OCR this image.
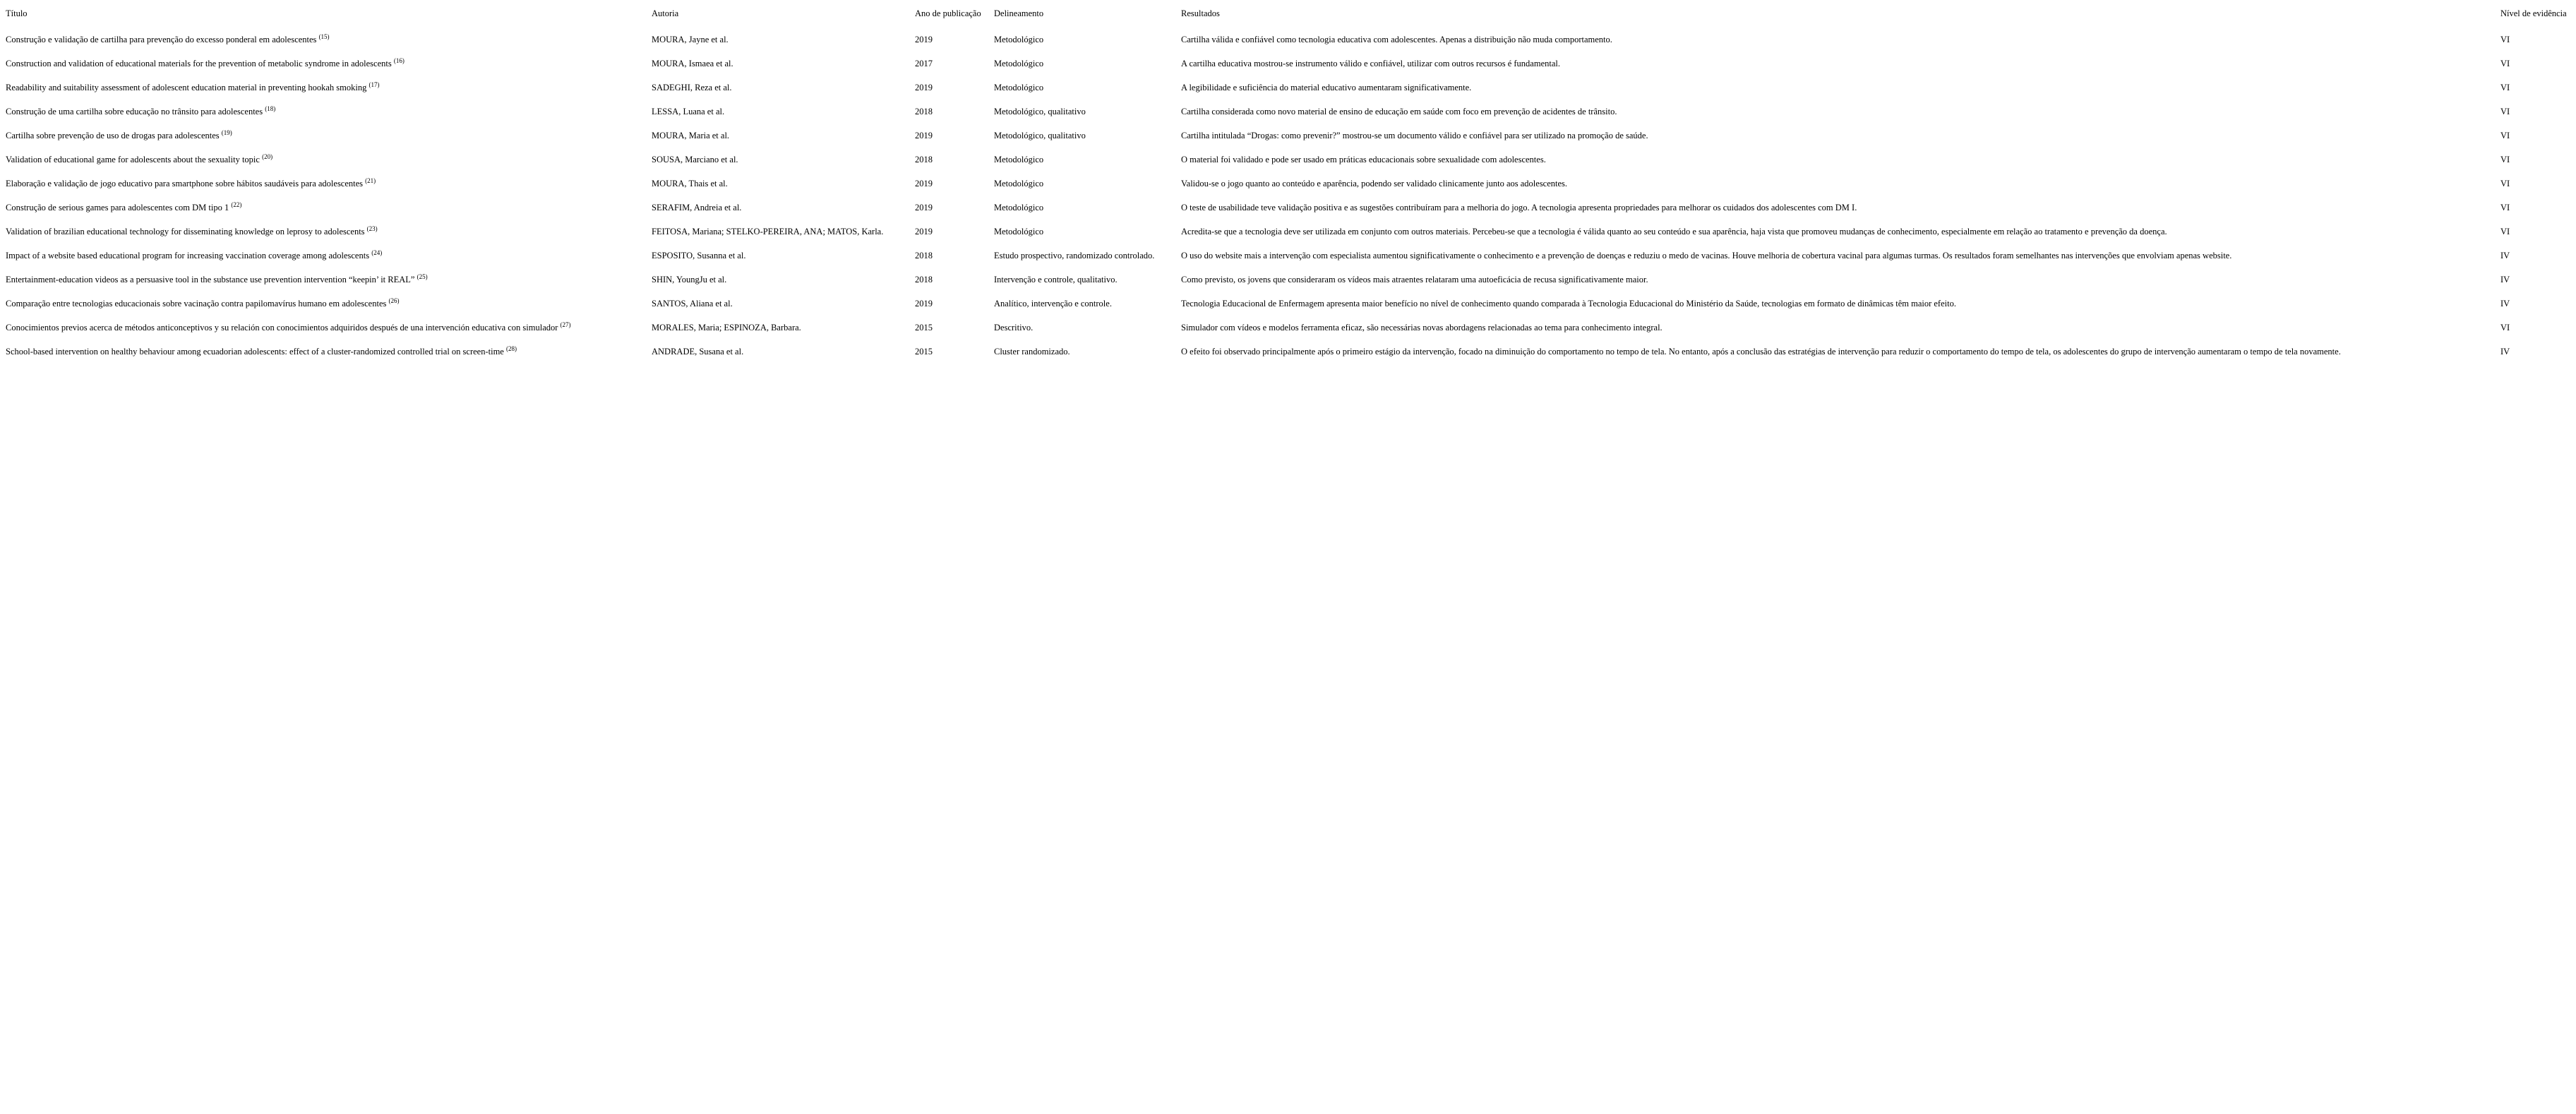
Título	Autoria	Ano de publicação	Delineamento	Resultados	Nível de evidência
Construção e validação de cartilha para prevenção do excesso ponderal em adolescentes $^{(15)}$	MOURA, Jayne et al.	2019	Metodológico	Cartilha válida e confiável como tecnologia educativa com adolescentes. Apenas a distribuição não muda comportamento.	VI
Construction and validation of educational materials for the prevention of metabolic syndrome in adolescents $^{(16)}$	MOURA, Ismaea et al.	2017	Metodológico	A cartilha educativa mostrou-se instrumento válido e confiável, utilizar com outros recursos é fundamental.	VI
Readability and suitability assessment of adolescent education material in preventing hookah smoking $^{(17)}$	SADEGHI, Reza et al.	2019	Metodológico	A legibilidade e suficiência do material educativo aumentaram significativamente.	VI
Construção de uma cartilha sobre educação no trânsito para adolescentes $^{(18)}$	LESSA, Luana et al.	2018	Metodológico, qualitativo	Cartilha considerada como novo material de ensino de educação em saúde com foco em prevenção de acidentes de trânsito.	VI
Cartilha sobre prevenção de uso de drogas para adolescentes $^{(19)}$	MOURA, Maria et al.	2019	Metodológico, qualitativo	Cartilha intitulada “Drogas: como prevenir?” mostrou-se um documento válido e confiável para ser utilizado na promoção de saúde.	VI
Validation of educational game for adolescents about the sexuality topic $^{(20)}$	SOUSA, Marciano et al.	2018	Metodológico	O material foi validado e pode ser usado em práticas educacionais sobre sexualidade com adolescentes.	VI
Elaboração e validação de jogo educativo para smartphone sobre hábitos saudáveis para adolescentes $^{(21)}$	MOURA, Thais et al.	2019	Metodológico	Validou-se o jogo quanto ao conteúdo e aparência, podendo ser validado clinicamente junto aos adolescentes.	VI
Construção de serious games para adolescentes com DM tipo 1 $^{(22)}$	SERAFIM, Andreia et al.	2019	Metodológico	O teste de usabilidade teve validação positiva e as sugestões contribuíram para a melhoria do jogo. A tecnologia apresenta propriedades para melhorar os cuidados dos adolescentes com DM I.	VI
Validation of brazilian educational technology for disseminating knowledge on leprosy to adolescents $^{(23)}$	FEITOSA, Mariana; STELKO-PEREIRA, ANA; MATOS, Karla.	2019	Metodológico	Acredita-se que a tecnologia deve ser utilizada em conjunto com outros materiais. Percebeu-se que a tecnologia é válida quanto ao seu conteúdo e sua aparência, haja vista que promoveu mudanças de conhecimento, especialmente em relação ao tratamento e prevenção da doença.	VI
Impact of a website based educational program for increasing vaccination coverage among adolescents $^{(24)}$	ESPOSITO, Susanna et al.	2018	Estudo prospectivo, randomizado controlado.	O uso do website mais a intervenção com especialista aumentou significativamente o conhecimento e a prevenção de doenças e reduziu o medo de vacinas. Houve melhoria de cobertura vacinal para algumas turmas. Os resultados foram semelhantes nas intervenções que envolviam apenas website.	IV
Entertainment-education videos as a persuasive tool in the substance use prevention intervention “keepin’ it REAL” $^{(25)}$	SHIN, YoungJu et al.	2018	Intervenção e controle, qualitativo.	Como previsto, os jovens que consideraram os vídeos mais atraentes relataram uma autoeficácia de recusa significativamente maior.	IV
Comparação entre tecnologias educacionais sobre vacinação contra papilomavírus humano em adolescentes $^{(26)}$	SANTOS, Aliana et al.	2019	Analítico, intervenção e controle.	Tecnologia Educacional de Enfermagem apresenta maior benefício no nível de conhecimento quando comparada à Tecnologia Educacional do Ministério da Saúde, tecnologias em formato de dinâmicas têm maior efeito.	IV
Conocimientos previos acerca de métodos anticonceptivos y su relación con conocimientos adquiridos después de una intervención educativa con simulador $^{(27)}$	MORALES, Maria; ESPINOZA, Barbara.	2015	Descritivo.	Simulador com vídeos e modelos ferramenta eficaz, são necessárias novas abordagens relacionadas ao tema para conhecimento integral.	VI
School-based intervention on healthy behaviour among ecuadorian adolescents: effect of a cluster-randomized controlled trial on screen-time $^{(28)}$	ANDRADE, Susana et al.	2015	Cluster randomizado.	O efeito foi observado principalmente após o primeiro estágio da intervenção, focado na diminuição do comportamento no tempo de tela. No entanto, após a conclusão das estratégias de intervenção para reduzir o comportamento do tempo de tela, os adolescentes do grupo de intervenção aumentaram o tempo de tela novamente.	IV
